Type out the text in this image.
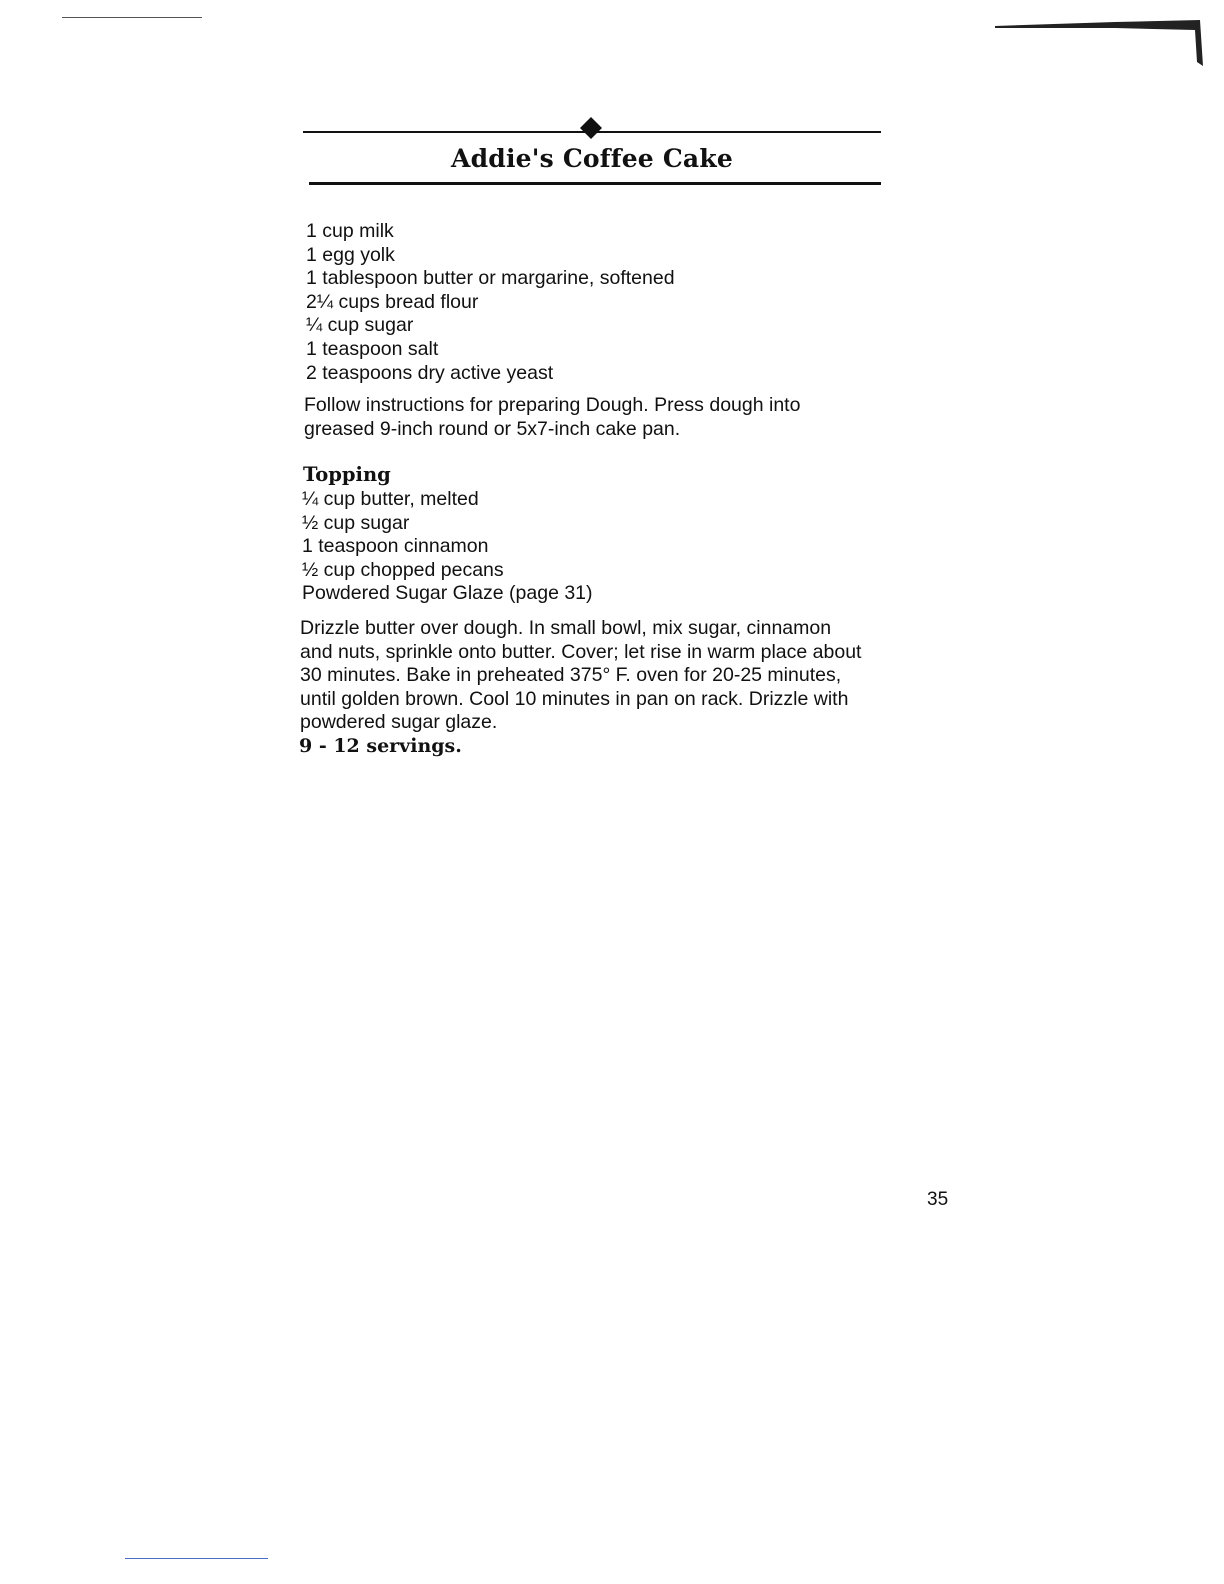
Addie's Coffee Cake
1 cup milk
1 egg yolk
1 tablespoon butter or margarine, softened
2¼ cups bread flour
¼ cup sugar
1 teaspoon salt
2 teaspoons dry active yeast
Follow instructions for preparing Dough. Press dough into
greased 9-inch round or 5x7-inch cake pan.
Topping
¼ cup butter, melted
½ cup sugar
1 teaspoon cinnamon
½ cup chopped pecans
Powdered Sugar Glaze (page 31)
Drizzle butter over dough. In small bowl, mix sugar, cinnamon
and nuts, sprinkle onto butter. Cover; let rise in warm place about
30 minutes. Bake in preheated 375° F. oven for 20-25 minutes,
until golden brown. Cool 10 minutes in pan on rack. Drizzle with
powdered sugar glaze.
9 - 12 servings.
35
